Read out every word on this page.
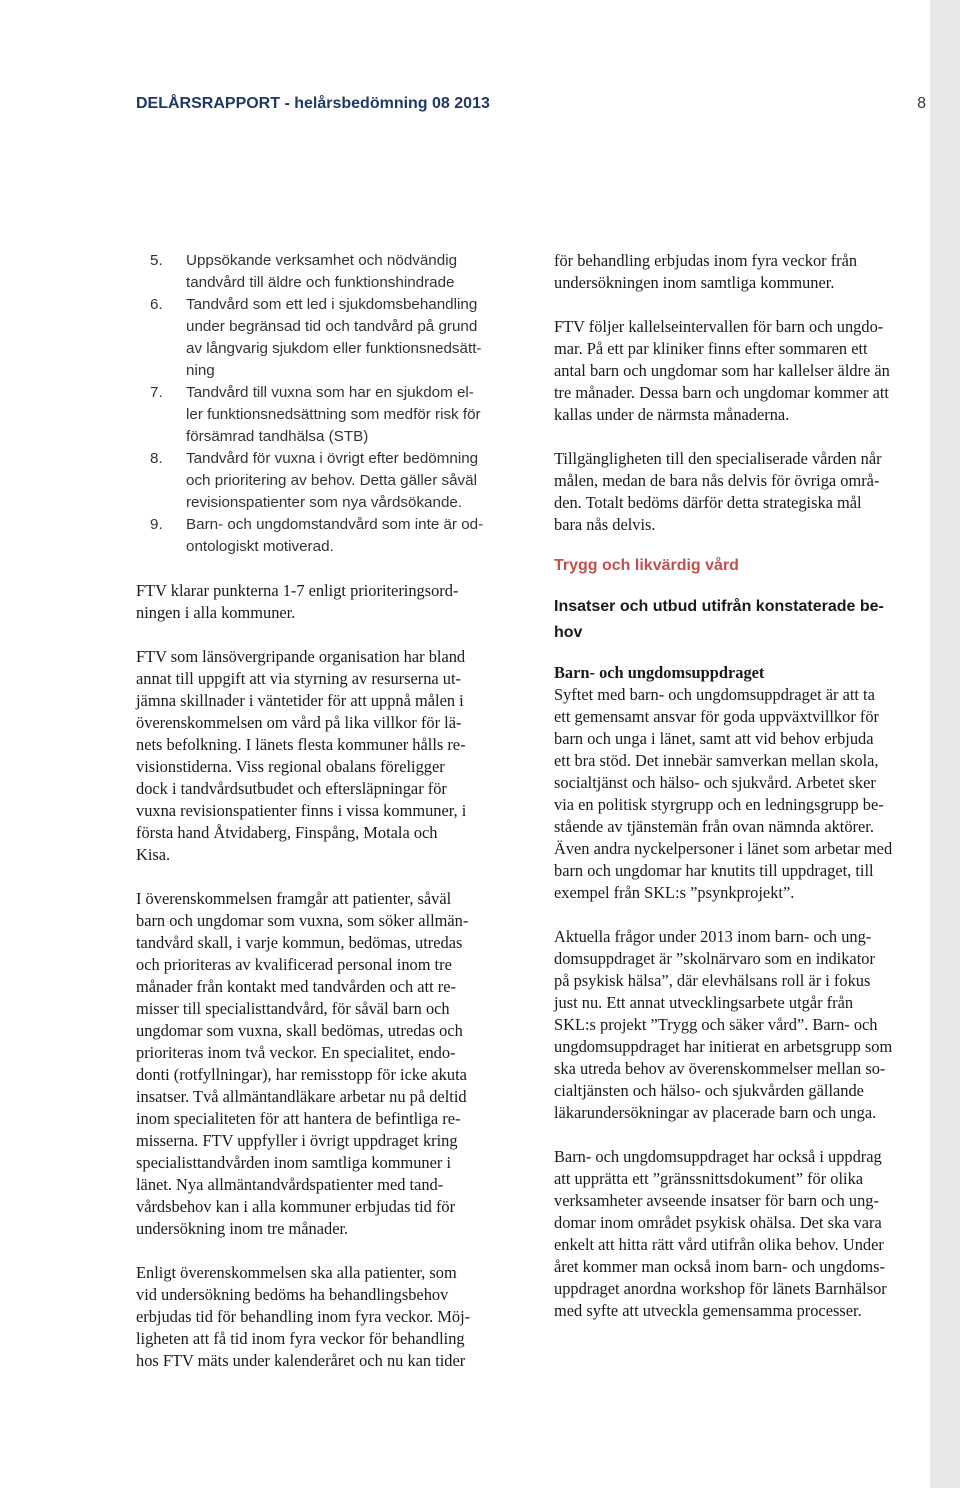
DELÅRSRAPPORT - helårsbedömning 08 2013	8
5. Uppsökande verksamhet och nödvändig
tandvård till äldre och funktionshindrade
6. Tandvård som ett led i sjukdomsbehandling
under begränsad tid och tandvård på grund
av långvarig sjukdom eller funktionsnedsätt-
ning
7. Tandvård till vuxna som har en sjukdom el-
ler funktionsnedsättning som medför risk för
försämrad tandhälsa (STB)
8. Tandvård för vuxna i övrigt efter bedömning
och prioritering av behov. Detta gäller såväl
revisionspatienter som nya vårdsökande.
9. Barn- och ungdomstandvård som inte är od-
ontologiskt motiverad.

FTV klarar punkterna 1-7 enligt prioriteringsord-
ningen i alla kommuner.

FTV som länsövergripande organisation har bland
annat till uppgift att via styrning av resurserna ut-
jämna skillnader i väntetider för att uppnå målen i
överenskommelsen om vård på lika villkor för lä-
nets befolkning. I länets flesta kommuner hålls re-
visionstiderna. Viss regional obalans föreligger
dock i tandvårdsutbudet och eftersläpningar för
vuxna revisionspatienter finns i vissa kommuner, i
första hand Åtvidaberg, Finspång, Motala och
Kisa.

I överenskommelsen framgår att patienter, såväl
barn och ungdomar som vuxna, som söker allmän-
tandvård skall, i varje kommun, bedömas, utredas
och prioriteras av kvalificerad personal inom tre
månader från kontakt med tandvården och att re-
misser till specialisttandvård, för såväl barn och
ungdomar som vuxna, skall bedömas, utredas och
prioriteras inom två veckor. En specialitet, endo-
donti (rotfyllningar), har remisstopp för icke akuta
insatser. Två allmäntandläkare arbetar nu på deltid
inom specialiteten för att hantera de befintliga re-
misserna. FTV uppfyller i övrigt uppdraget kring
specialisttandvården inom samtliga kommuner i
länet. Nya allmäntandvårdspatienter med tand-
vårdsbehov kan i alla kommuner erbjudas tid för
undersökning inom tre månader.

Enligt överenskommelsen ska alla patienter, som
vid undersökning bedöms ha behandlingsbehov
erbjudas tid för behandling inom fyra veckor. Möj-
ligheten att få tid inom fyra veckor för behandling
hos FTV mäts under kalenderåret och nu kan tider

för behandling erbjudas inom fyra veckor från
undersökningen inom samtliga kommuner.

FTV följer kallelseintervallen för barn och ungdo-
mar. På ett par kliniker finns efter sommaren ett
antal barn och ungdomar som har kallelser äldre än
tre månader. Dessa barn och ungdomar kommer att
kallas under de närmsta månaderna.

Tillgängligheten till den specialiserade vården når
målen, medan de bara nås delvis för övriga områ-
den. Totalt bedöms därför detta strategiska mål
bara nås delvis.

Trygg och likvärdig vård
Insatser och utbud utifrån konstaterade be-
hov
Barn- och ungdomsuppdraget

Syftet med barn- och ungdomsuppdraget är att ta
ett gemensamt ansvar för goda uppväxtvillkor för
barn och unga i länet, samt att vid behov erbjuda
ett bra stöd. Det innebär samverkan mellan skola,
socialtjänst och hälso- och sjukvård. Arbetet sker
via en politisk styrgrupp och en ledningsgrupp be-
stående av tjänstemän från ovan nämnda aktörer.
Även andra nyckelpersoner i länet som arbetar med
barn och ungdomar har knutits till uppdraget, till
exempel från SKL:s ”psynkprojekt”.

Aktuella frågor under 2013 inom barn- och ung-
domsuppdraget är ”skolnärvaro som en indikator
på psykisk hälsa”, där elevhälsans roll är i fokus
just nu. Ett annat utvecklingsarbete utgår från
SKL:s projekt ”Trygg och säker vård”. Barn- och
ungdomsuppdraget har initierat en arbetsgrupp som
ska utreda behov av överenskommelser mellan so-
cialtjänsten och hälso- och sjukvården gällande
läkarundersökningar av placerade barn och unga.

Barn- och ungdomsuppdraget har också i uppdrag
att upprätta ett ”gränssnittsdokument” för olika
verksamheter avseende insatser för barn och ung-
domar inom området psykisk ohälsa. Det ska vara
enkelt att hitta rätt vård utifrån olika behov. Under
året kommer man också inom barn- och ungdoms-
uppdraget anordna workshop för länets Barnhälsor
med syfte att utveckla gemensamma processer.
